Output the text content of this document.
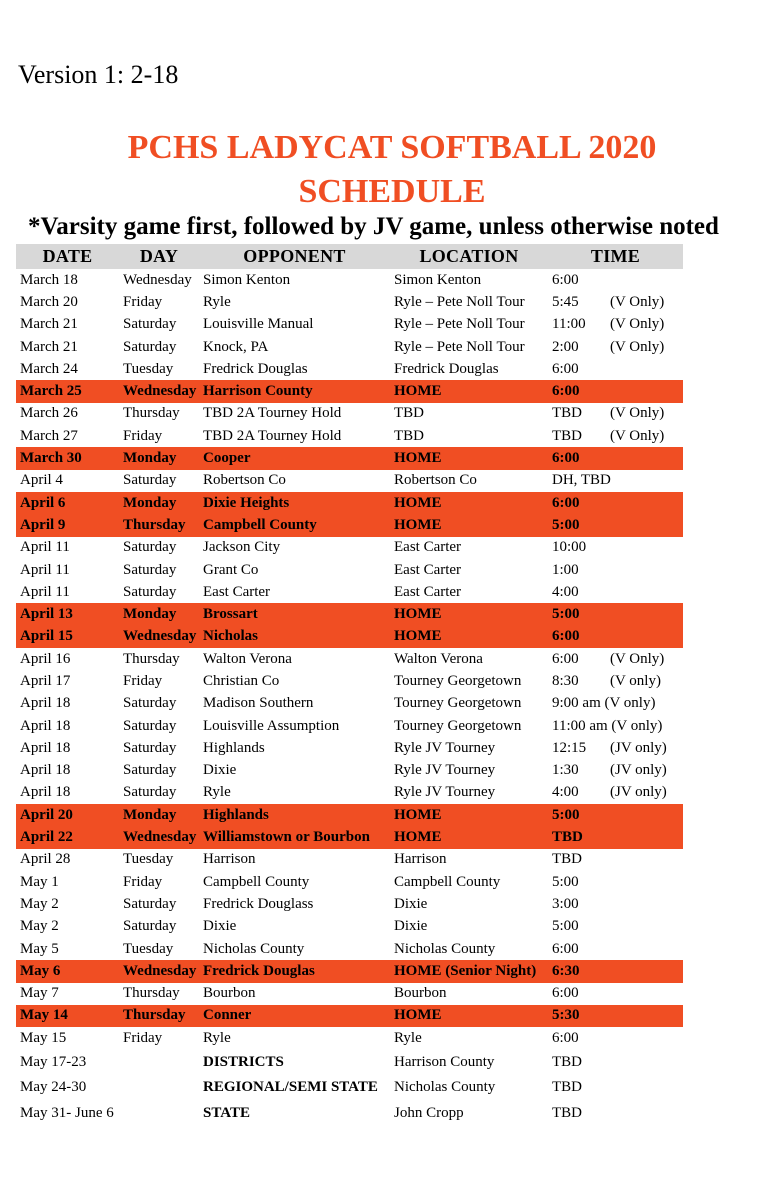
Version 1: 2-18
PCHS LADYCAT SOFTBALL 2020
SCHEDULE
*Varsity game first, followed by JV game, unless otherwise noted
DATE	DAY	OPPONENT	LOCATION	TIME
March 18	Wednesday	Simon Kenton	Simon Kenton	6:00
March 20	Friday	Ryle	Ryle – Pete Noll Tour	5:45 (V Only)
March 21	Saturday	Louisville Manual	Ryle – Pete Noll Tour	11:00 (V Only)
March 21	Saturday	Knock, PA	Ryle – Pete Noll Tour	2:00 (V Only)
March 24	Tuesday	Fredrick Douglas	Fredrick Douglas	6:00
March 25	Wednesday	Harrison County	HOME	6:00
March 26	Thursday	TBD 2A Tourney Hold	TBD	TBD (V Only)
March 27	Friday	TBD 2A Tourney Hold	TBD	TBD (V Only)
March 30	Monday	Cooper	HOME	6:00
April 4	Saturday	Robertson Co	Robertson Co	DH, TBD
April 6	Monday	Dixie Heights	HOME	6:00
April 9	Thursday	Campbell County	HOME	5:00
April 11	Saturday	Jackson City	East Carter	10:00
April 11	Saturday	Grant Co	East Carter	1:00
April 11	Saturday	East Carter	East Carter	4:00
April 13	Monday	Brossart	HOME	5:00
April 15	Wednesday	Nicholas	HOME	6:00
April 16	Thursday	Walton Verona	Walton Verona	6:00 (V Only)
April 17	Friday	Christian Co	Tourney Georgetown	8:30 (V only)
April 18	Saturday	Madison Southern	Tourney Georgetown	9:00 am (V only)
April 18	Saturday	Louisville Assumption	Tourney Georgetown	11:00 am (V only)
April 18	Saturday	Highlands	Ryle JV Tourney	12:15 (JV only)
April 18	Saturday	Dixie	Ryle JV Tourney	1:30 (JV only)
April 18	Saturday	Ryle	Ryle JV Tourney	4:00 (JV only)
April 20	Monday	Highlands	HOME	5:00
April 22	Wednesday	Williamstown or Bourbon	HOME	TBD
April 28	Tuesday	Harrison	Harrison	TBD
May 1	Friday	Campbell County	Campbell County	5:00
May 2	Saturday	Fredrick Douglass	Dixie	3:00
May 2	Saturday	Dixie	Dixie	5:00
May 5	Tuesday	Nicholas County	Nicholas County	6:00
May 6	Wednesday	Fredrick Douglas	HOME (Senior Night)	6:30
May 7	Thursday	Bourbon	Bourbon	6:00
May 14	Thursday	Conner	HOME	5:30
May 15	Friday	Ryle	Ryle	6:00
May 17-23		DISTRICTS	Harrison County	TBD
May 24-30		REGIONAL/SEMI STATE	Nicholas County	TBD
May 31- June 6		STATE	John Cropp	TBD
